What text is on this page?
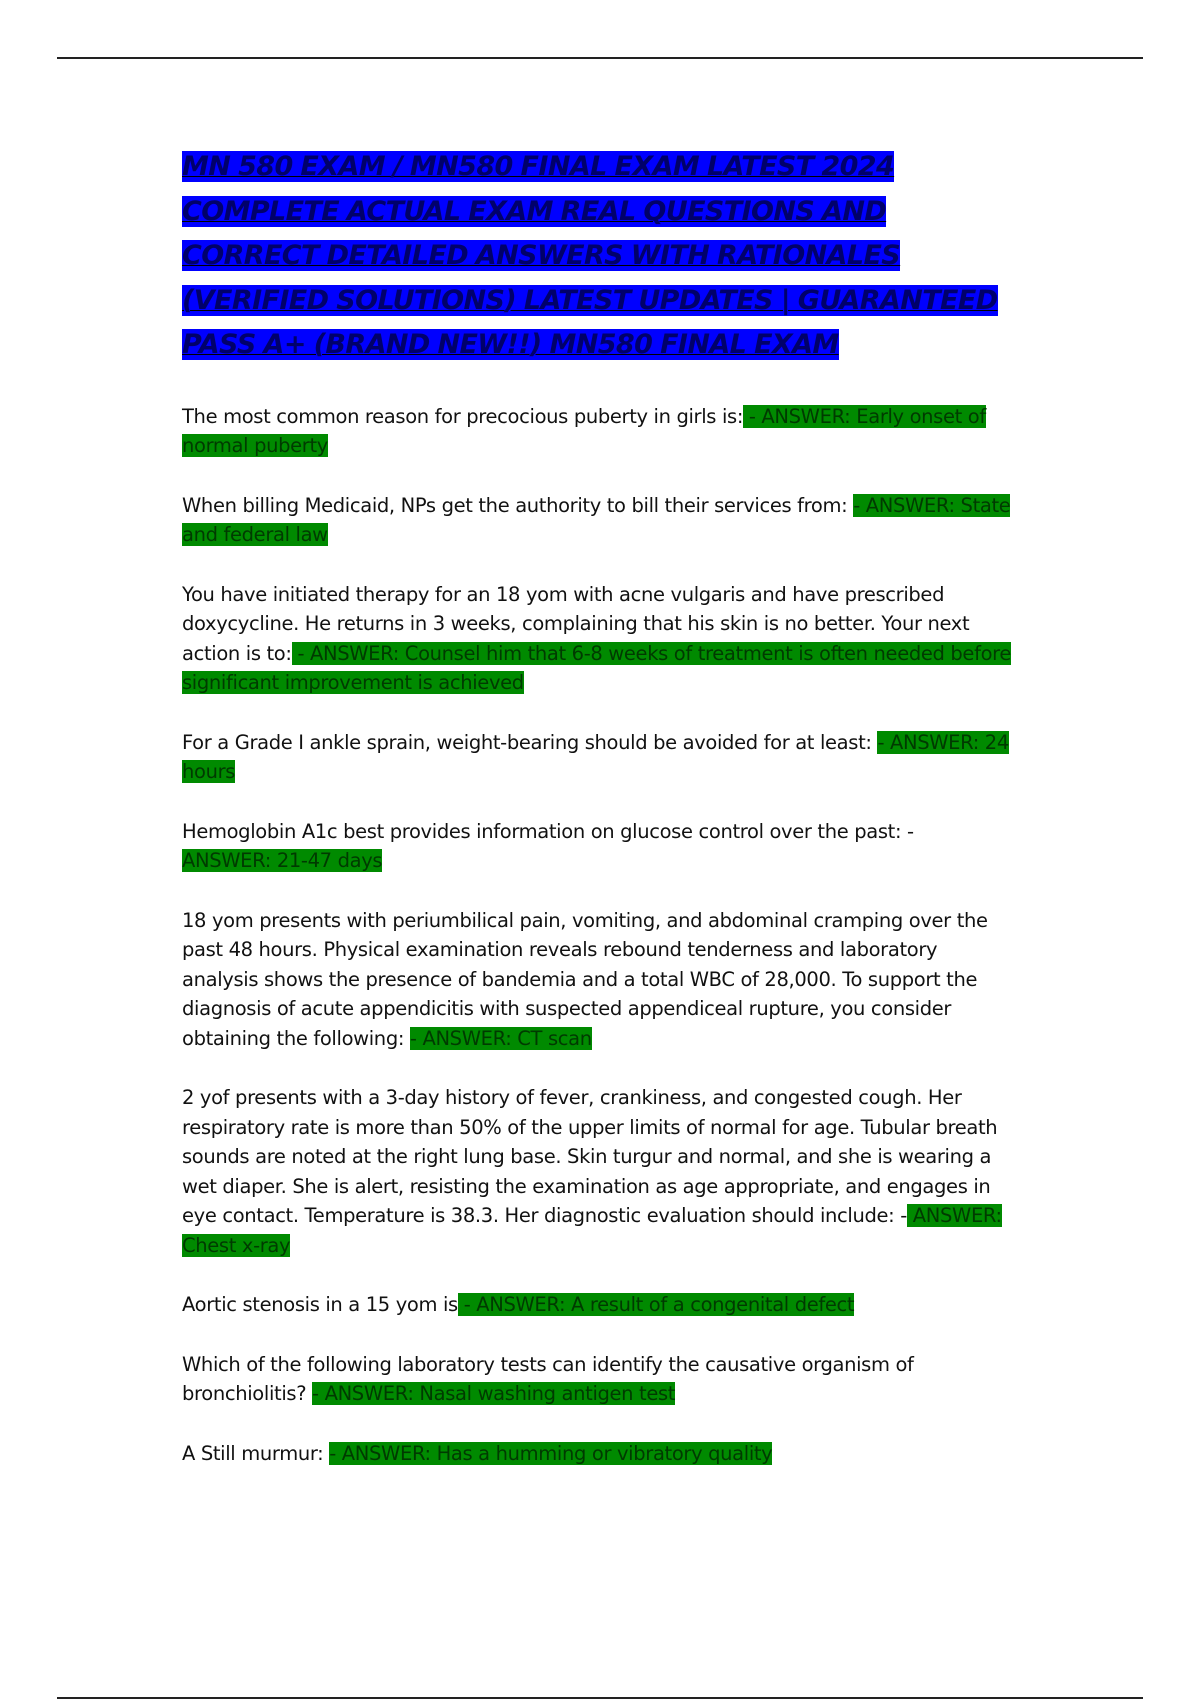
MN 580 EXAM / MN580 FINAL EXAM LATEST 2024 COMPLETE ACTUAL EXAM REAL QUESTIONS AND CORRECT DETAILED ANSWERS WITH RATIONALES (VERIFIED SOLUTIONS) LATEST UPDATES | GUARANTEED PASS A+ (BRAND NEW!!) MN580 FINAL EXAM

The most common reason for precocious puberty in girls is: - ANSWER: Early onset of normal puberty

When billing Medicaid, NPs get the authority to bill their services from: - ANSWER: State and federal law

You have initiated therapy for an 18 yom with acne vulgaris and have prescribed doxycycline. He returns in 3 weeks, complaining that his skin is no better. Your next action is to: - ANSWER: Counsel him that 6-8 weeks of treatment is often needed before significant improvement is achieved

For a Grade I ankle sprain, weight-bearing should be avoided for at least: - ANSWER: 24 hours

Hemoglobin A1c best provides information on glucose control over the past: -
ANSWER: 21-47 days

18 yom presents with periumbilical pain, vomiting, and abdominal cramping over the past 48 hours. Physical examination reveals rebound tenderness and laboratory analysis shows the presence of bandemia and a total WBC of 28,000. To support the diagnosis of acute appendicitis with suspected appendiceal rupture, you consider obtaining the following: - ANSWER: CT scan

2 yof presents with a 3-day history of fever, crankiness, and congested cough. Her respiratory rate is more than 50% of the upper limits of normal for age. Tubular breath sounds are noted at the right lung base. Skin turgur and normal, and she is wearing a wet diaper. She is alert, resisting the examination as age appropriate, and engages in eye contact. Temperature is 38.3. Her diagnostic evaluation should include: - ANSWER: Chest x-ray

Aortic stenosis in a 15 yom is - ANSWER: A result of a congenital defect

Which of the following laboratory tests can identify the causative organism of bronchiolitis? - ANSWER: Nasal washing antigen test

A Still murmur: - ANSWER: Has a humming or vibratory quality
